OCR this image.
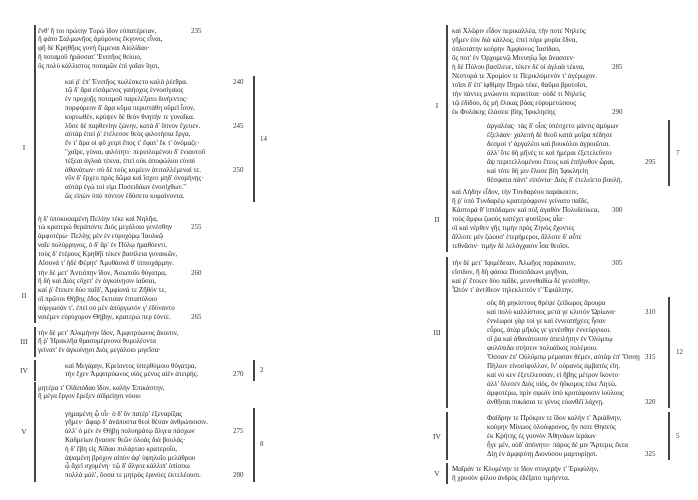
ἔνθ' ἤ τοι πρώτην Τυρὼ ἴδον εὐπατέρειαν,	235
ἣ φάτο Σαλμωνῆος ἀμύμονος ἔκγονος εἶναι,
φῆ δὲ Κρηθῆος γυνὴ ἔμμεναι Αἰολίδαο·
ἣ ποταμοῦ ἠράσσατ' Ἐνιπῆος θείοιο,
ὃς πολὺ κάλλιστος ποταμῶν ἐπὶ γαῖαν ἵησι,
καί ῥ' ἐπ' Ἐνιπῆος πωλέσκετο καλὰ ῥέεθρα.	240
τῷ δ' ἄρα εἰσάμενος γαιήοχος ἐννοσίγαιος
ἐν προχοῇς ποταμοῦ παρελέξατο δινήεντος·
πορφύρεον δ' ἄρα κῦμα περιστάθη οὔρεϊ ἶσον,
κυρτωθέν, κρύψεν δὲ θεὸν θνητήν τε γυναῖκα.
λῦσε δὲ παρθενίην ζώνην, κατὰ δ' ὕπνον ἔχευεν.	245
αὐτὰρ ἐπεί ῥ' ἐτέλεσσε θεὸς φιλοτήσια ἔργα,
ἔν τ' ἄρα οἱ φῦ χειρὶ ἔπος τ' ἔφατ' ἔκ τ' ὀνόμαζε·
"χαῖρε, γύναι, φιλότητι· περιπλομένου δ' ἐνιαυτοῦ
τέξεαι ἀγλαὰ τέκνα, ἐπεὶ οὐκ ἀποφώλιοι εὐναὶ
ἀθανάτων· σὺ δὲ τοὺς κομέειν ἀτιταλλέμεναί τε.	250
νῦν δ' ἔρχευ πρὸς δῶμα καὶ ἴσχεο μηδ' ὀνομήνῃς·
αὐτὰρ ἐγώ τοί εἰμι Ποσειδάων ἐνοσίχθων."
ὣς εἰπὼν ὑπὸ πόντον ἐδύσετο κυμαίνοντα.
14
ἡ δ' ὑποκυσαμένη Πελίην τέκε καὶ Νηλῆα,
τὼ κρατερὼ θεράποντε Διὸς μεγάλοιο γενέσθην	255
ἀμφοτέρω· Πελίης μὲν ἐν εὐρυχόρῳ Ἰαολκῷ
ναῖε πολύρρηνος, ὁ δ' ἄρ' ἐν Πύλῳ ἠμαθόεντι.
τοὺς δ' ἑτέρους Κρηθῆϊ τέκεν βασίλεια γυναικῶν,
Αἴσονά τ' ἠδὲ Φέρητ' Ἀμυθάονά θ' ἱππιοχάρμην.
I
τὴν δὲ μετ' Ἀντιόπην ἴδον, Ἀσωποῖο θύγατρα,	260
ἣ δὴ καὶ Διὸς εὔχετ' ἐν ἀγκοίνῃσιν ἰαῦσαι,
καί ῥ' ἔτεκεν δύο παῖδ', Ἀμφίονά τε Ζῆθόν τε,
οἳ πρῶτοι Θήβης ἕδος ἔκτισαν ἑπταπύλοιο
πύργωσάν τ', ἐπεὶ οὐ μὲν ἀπύργωτόν γ' ἐδύναντο
ναιέμεν εὐρύχορον Θήβην, κρατερώ περ ἐόντε.	265
II
τὴν δὲ μετ' Ἀλκμήνην ἴδον, Ἀμφιτρύωνος ἄκοιτιν,
ἥ ῥ' Ἡρακλῆα θρασυμέμνονα θυμολέοντα
γείνατ' ἐν ἀγκοίνῃσι Διὸς μεγάλοιο μιγεῖσα·
III
καὶ Μεγάρην, Κρείοντος ὑπερθύμοιο θύγατρα,
τὴν ἔχεν Ἀμφιτρύωνος υἱὸς μένος αἰὲν ἀτειρής.	270
2
IV
μητέρα τ' Οἰδιπόδαο ἴδον, καλὴν Ἐπικάστην,
ἣ μέγα ἔργον ἔρεξεν ἀϊδρείῃσι νόοιο
γημαμένη ᾧ υἷι· ὁ δ' ὃν πατέρ' ἐξεναρίξας
γῆμεν· ἄφαρ δ' ἀνάπυστα θεοὶ θέσαν ἀνθρώποισιν.
ἀλλ' ὁ μὲν ἐν Θήβῃ πολυηράτῳ ἄλγεα πάσχων	275
Καδμείων ἤνασσε θεῶν ὀλοὰς διὰ βουλάς·
ἡ δ' ἔβη εἰς Ἀΐδαο πυλάρταο κρατεροῖο,
ἁψαμένη βρόχον αἰπὺν ἀφ' ὑψηλοῖο μελάθρου
ᾧ ἄχεϊ σχομένη· τῷ δ' ἄλγεα κάλλιπ' ὀπίσσω
πολλὰ μάλ', ὅσσα τε μητρὸς ἐρινύες ἐκτελέουσι.	280
8
V
καὶ Χλῶριν εἶδον περικαλλέα, τὴν ποτε Νηλεὺς
γῆμεν ἑὸν διὰ κάλλος, ἐπεὶ πόρε μυρία ἕδνα,
ὁπλοτάτην κούρην Ἀμφίονος Ἰασίδαο,
ὅς ποτ' ἐν Ὀρχομενῷ Μινυηΐῳ ἶφι ἄνασσεν·
ἡ δὲ Πύλου βασίλευε, τέκεν δέ οἱ ἀγλαὰ τέκνα,	285
Νέστορά τε Χρομίον τε Περικλύμενόν τ' ἀγέρωχον.
τοῖσι δ' ἐπ' ἰφθίμην Πηρὼ τέκε, θαῦμα βροτοῖσι,
τὴν πάντες μνώοντο περικτίται· οὐδέ τι Νηλεὺς
τῷ ἐδίδου, ὃς μὴ ἕλικας βόας εὐρυμετώπους
ἐκ Φυλάκης ἐλάσειε βίης Ἰφικληείης	290
ἀργαλέας· τὰς δ' οἶος ὑπέσχετο μάντις ἀμύμων
ἐξελάαν· χαλεπὴ δὲ θεοῦ κατὰ μοῖρα πέδησε
δεσμοί τ' ἀργαλέοι καὶ βουκόλοι ἀγροιῶται.
ἀλλ' ὅτε δὴ μῆνές τε καὶ ἡμέραι ἐξετελεῦντο
ἂψ περιτελλομένου ἔτεος καὶ ἐπήλυθον ὧραι,	295
καὶ τότε δή μιν ἔλυσε βίη Ἰφικληείη
θέσφατα πάντ' εἰπόντα· Διὸς δ' ἐτελείετο βουλή.
7
I
καὶ Λήδην εἶδον, τὴν Τυνδαρέου παράκοιτιν,
ἥ ῥ' ὑπὸ Τυνδαρέῳ κρατερόφρονε γείνατο παῖδε,
Κάστορά θ' ἱππόδαμον καὶ πὺξ ἀγαθὸν Πολυδεύκεα, 300
τοὺς ἄμφω ζωοὺς κατέχει φυσίζοος αἶα·
οἳ καὶ νέρθεν γῆς τιμὴν πρὸς Ζηνὸς ἔχοντες
ἄλλοτε μὲν ζώουσ' ἑτερήμεροι, ἄλλοτε δ' αὖτε
τεθνᾶσιν· τιμὴν δὲ λελόγχασιν ἶσα θεοῖσι.
II
τὴν δὲ μετ' Ἰφιμέδειαν, Ἀλωῆος παράκοιτιν,	305
εἴσιδον, ἣ δὴ φάσκε Ποσειδάωνι μιγῆναι,
καί ῥ' ἔτεκεν δύο παῖδε, μινυνθαδίω δὲ γενέσθην,
Ὦτόν τ' ἀντίθεον τηλεκλειτόν τ' Ἐφιάλτην,
οὓς δὴ μηκίστους θρέψε ζείδωρος ἄρουρα
καὶ πολὺ καλλίστους μετά γε κλυτὸν Ὠρίωνα·	310
ἐννέωροι γὰρ τοί γε καὶ ἐννεαπήχεες ἦσαν
εὖρος, ἀτὰρ μῆκός γε γενέσθην ἐννεόργυιοι.
οἵ ῥα καὶ ἀθανάτοισιν ἀπειλήτην ἐν Ὀλύμπῳ
φυλόπιδα στήσειν πολυάϊκος πολέμοιο.
Ὄσσαν ἐπ' Οὐλύμπῳ μέμασαν θέμεν, αὐτὰρ ἐπ' Ὄσσῃ 315
Πήλιον εἰνοσίφυλλον, ἵν' οὐρανὸς ἀμβατὸς εἴη.
καί νύ κεν ἐξετέλεσσαν, εἰ ἥβης μέτρον ἵκοντο·
ἀλλ' ὄλεσεν Διὸς υἱός, ὃν ἠΰκομος τέκε Λητώ,
ἀμφοτέρω, πρίν σφωϊν ὑπὸ κροτάφοισιν ἰούλους
ἀνθῆσαι πυκάσαι τε γένυς εὐανθέϊ λάχνῃ.	320
12
III
Φαίδρην τε Πρόκριν τε ἴδον καλήν τ' Ἀριάδνην,
κούρην Μίνωος ὀλοόφρονος, ἥν ποτε Θησεὺς
ἐκ Κρήτης ἐς γουνὸν Ἀθηνάων ἱεράων
ἦγε μέν, οὐδ' ἀπόνητο· πάρος δέ μιν Ἄρτεμις ἔκτα
Δίῃ ἐν ἀμφιρύτῃ Διονύσου μαρτυρίῃσι.	325
5
IV
Μαῖράν τε Κλυμένην τε ἴδον στυγερήν τ' Ἐριφύλην,
ἣ χρυσὸν φίλου ἀνδρὸς ἐδέξατο τιμήεντα.
V
